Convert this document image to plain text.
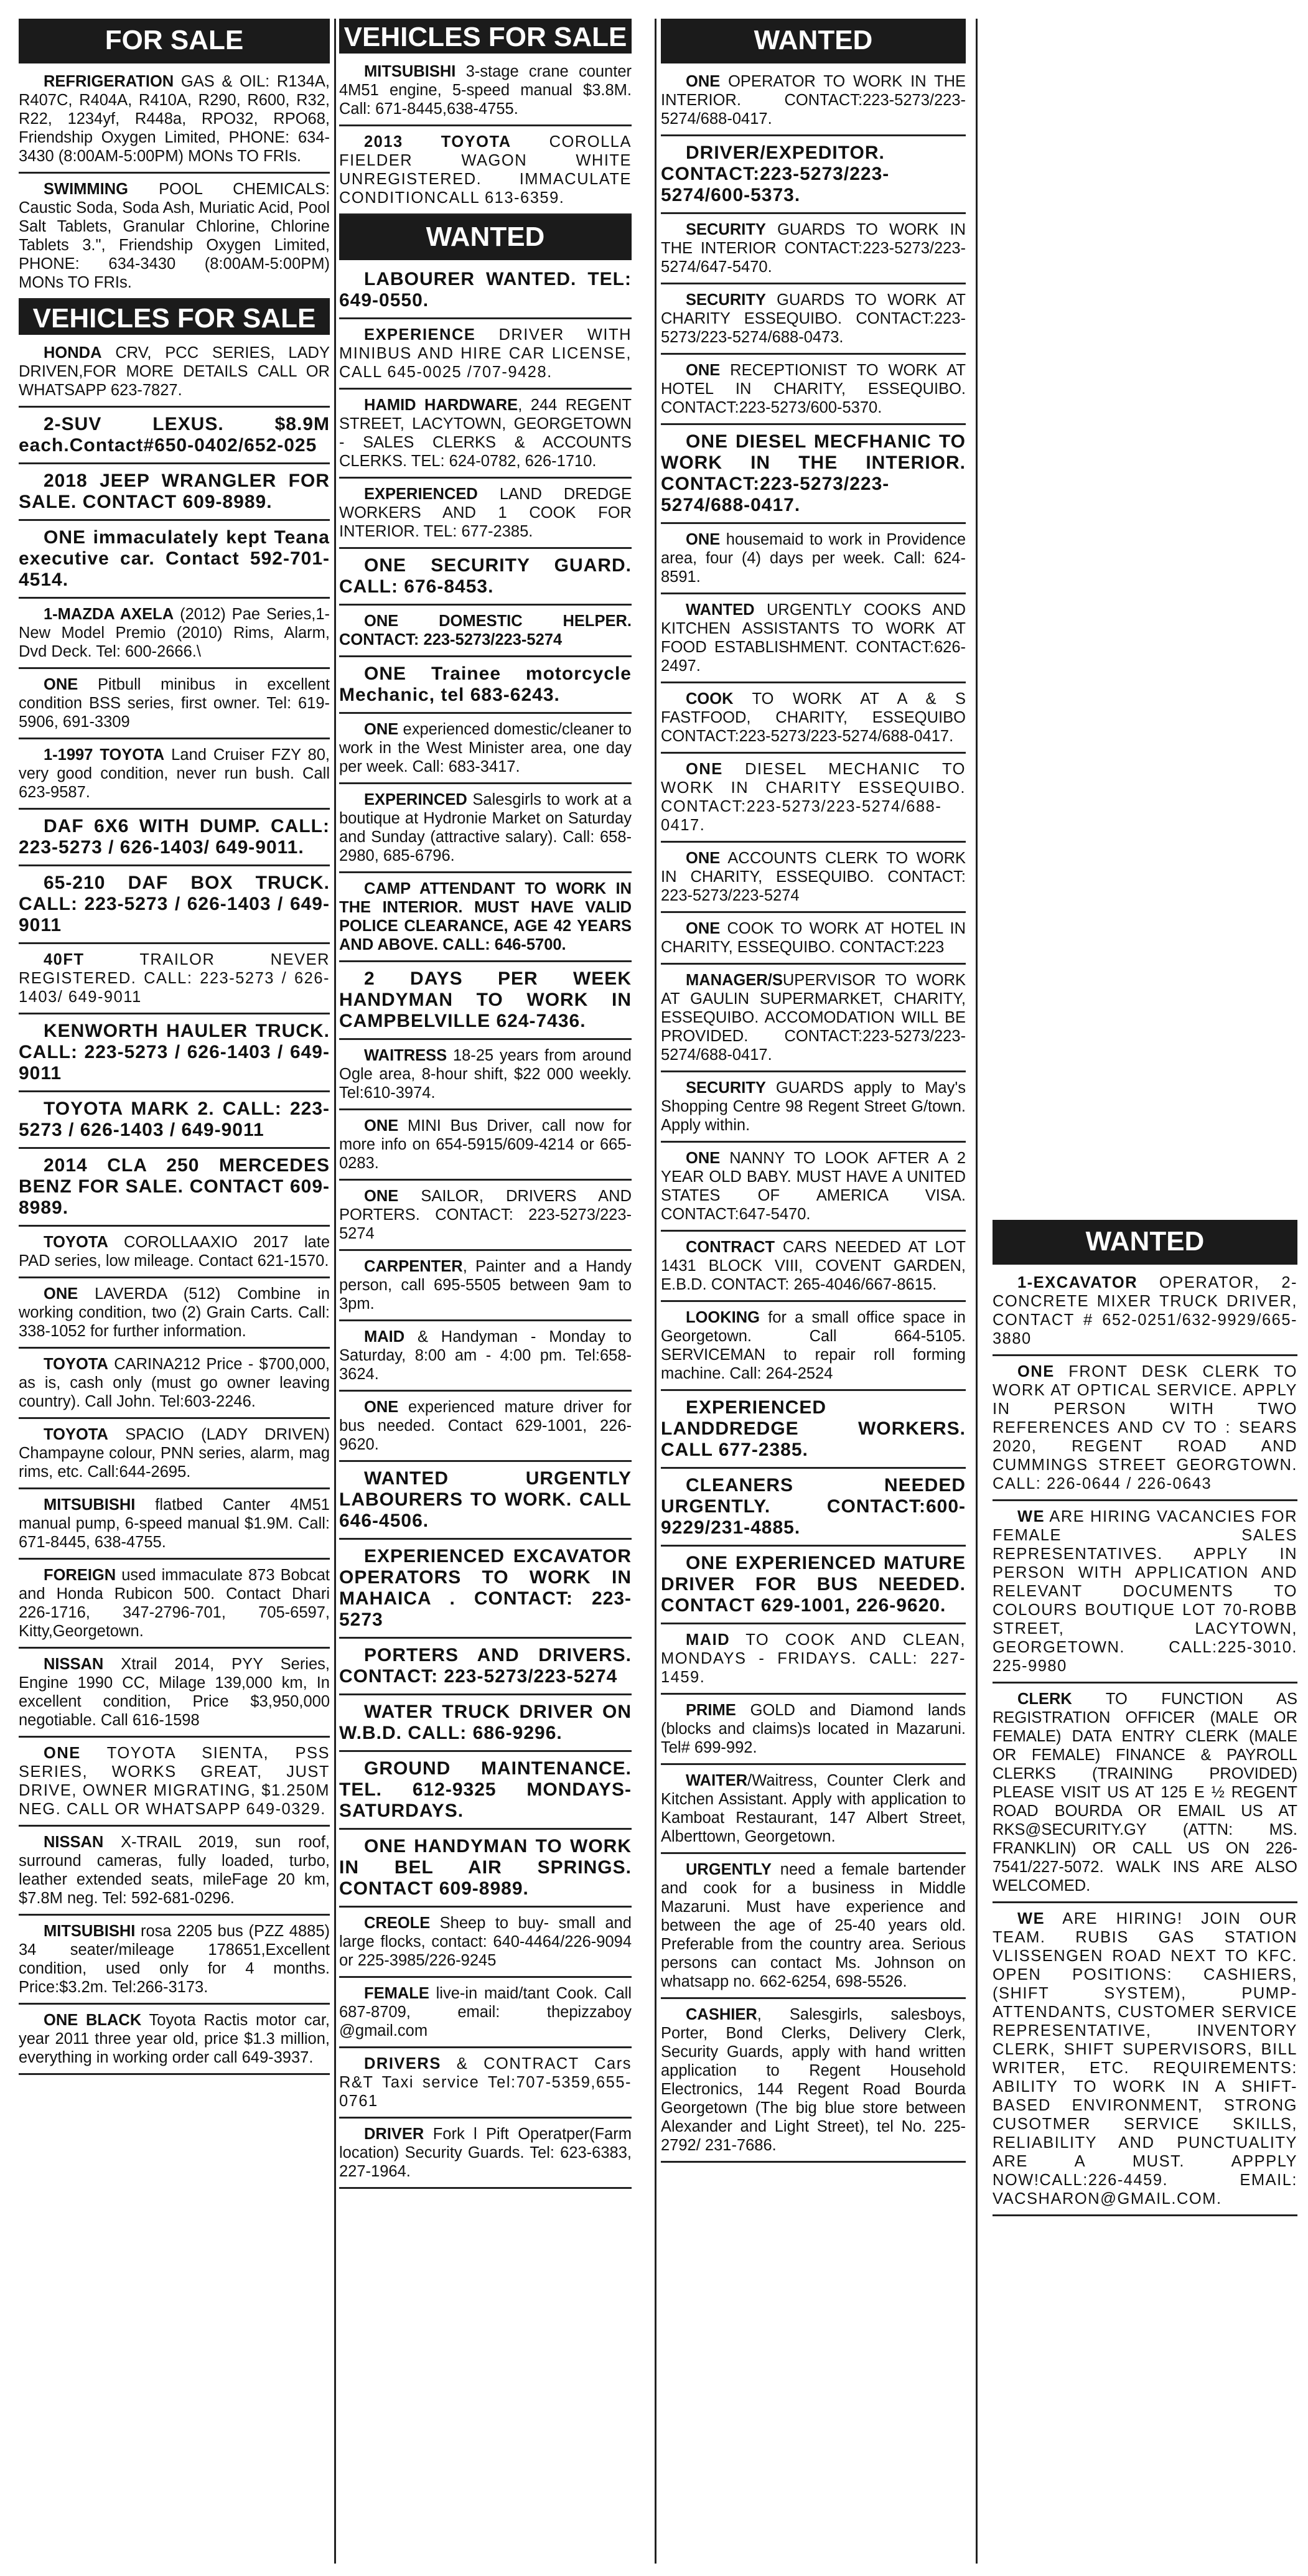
FOR SALE
REFRIGERATION GAS & OIL: R134A, R407C, R404A, R410A, R290, R600, R32, R22, 1234yf, R448a, RPO32, RPO68, Friendship Oxygen Limited, PHONE: 634-3430 (8:00AM-5:00PM) MONs TO FRIs.
SWIMMING POOL CHEMICALS: Caustic Soda, Soda Ash, Muriatic Acid, Pool Salt Tablets, Granular Chlorine, Chlorine Tablets 3.", Friendship Oxygen Limited, PHONE: 634-3430 (8:00AM-5:00PM) MONs TO FRIs.
VEHICLES FOR SALE
HONDA CRV, PCC SERIES, LADY DRIVEN,FOR MORE DETAILS CALL OR WHATSAPP 623-7827.
2-SUV LEXUS. $8.9M each.Contact#650-0402/652-025
2018 JEEP WRANGLER FOR SALE. CONTACT 609-8989.
ONE immaculately kept Teana executive car. Contact 592-701-4514.
1-MAZDA AXELA (2012) Pae Series,1- New Model Premio (2010) Rims, Alarm, Dvd Deck. Tel: 600-2666.\
ONE Pitbull minibus in excellent condition BSS series, first owner. Tel: 619-5906, 691-3309
1-1997 TOYOTA Land Cruiser FZY 80, very good condition, never run bush. Call 623-9587.
DAF 6X6 WITH DUMP. CALL: 223-5273 / 626-1403/ 649-9011.
65-210 DAF BOX TRUCK. CALL: 223-5273 / 626-1403 / 649-9011
40FT TRAILOR NEVER REGISTERED. CALL: 223-5273 / 626-1403/ 649-9011
KENWORTH HAULER TRUCK. CALL: 223-5273 / 626-1403 / 649-9011
TOYOTA MARK 2. CALL: 223-5273 / 626-1403 / 649-9011
2014 CLA 250 MERCEDES BENZ FOR SALE. CONTACT 609-8989.
TOYOTA COROLLAAXIO 2017 late PAD series, low mileage. Contact 621-1570.
ONE LAVERDA (512) Combine in working condition, two (2) Grain Carts. Call: 338-1052 for further information.
TOYOTA CARINA212 Price - $700,000, as is, cash only (must go owner leaving country). Call John. Tel:603-2246.
TOYOTA SPACIO (LADY DRIVEN) Champayne colour, PNN series, alarm, mag rims, etc. Call:644-2695.
MITSUBISHI flatbed Canter 4M51 manual pump, 6-speed manual $1.9M. Call: 671-8445, 638-4755.
FOREIGN used immaculate 873 Bobcat and Honda Rubicon 500. Contact Dhari 226-1716, 347-2796-701, 705-6597, Kitty,Georgetown.
NISSAN Xtrail 2014, PYY Series, Engine 1990 CC, Milage 139,000 km, In excellent condition, Price $3,950,000 negotiable. Call 616-1598
ONE TOYOTA SIENTA, PSS SERIES, WORKS GREAT, JUST DRIVE, OWNER MIGRATING, $1.250M NEG. CALL OR WHATSAPP 649-0329.
NISSAN X-TRAIL 2019, sun roof, surround cameras, fully loaded, turbo, leather extended seats, mileFage 20 km, $7.8M neg. Tel: 592-681-0296.
MITSUBISHI rosa 2205 bus (PZZ 4885) 34 seater/mileage 178651,Excellent condition, used only for 4 months. Price:$3.2m. Tel:266-3173.
ONE BLACK Toyota Ractis motor car, year 2011 three year old, price $1.3 million, everything in working order call 649-3937.
VEHICLES FOR SALE
MITSUBISHI 3-stage crane counter 4M51 engine, 5-speed manual $3.8M. Call: 671-8445,638-4755.
2013 TOYOTA COROLLA FIELDER WAGON WHITE UNREGISTERED. IMMACULATE CONDITIONCALL 613-6359.
WANTED
LABOURER WANTED. TEL: 649-0550.
EXPERIENCE DRIVER WITH MINIBUS AND HIRE CAR LICENSE, CALL 645-0025 /707-9428.
HAMID HARDWARE, 244 REGENT STREET, LACYTOWN, GEORGETOWN - SALES CLERKS & ACCOUNTS CLERKS. TEL: 624-0782, 626-1710.
EXPERIENCED LAND DREDGE WORKERS AND 1 COOK FOR INTERIOR. TEL: 677-2385.
ONE SECURITY GUARD. CALL: 676-8453.
ONE DOMESTIC HELPER. CONTACT: 223-5273/223-5274
ONE Trainee motorcycle Mechanic, tel 683-6243.
ONE experienced domestic/cleaner to work in the West Minister area, one day per week. Call: 683-3417.
EXPERINCED Salesgirls to work at a boutique at Hydronie Market on Saturday and Sunday (attractive salary). Call: 658-2980, 685-6796.
CAMP ATTENDANT TO WORK IN THE INTERIOR. MUST HAVE VALID POLICE CLEARANCE, AGE 42 YEARS AND ABOVE. CALL: 646-5700.
2 DAYS PER WEEK HANDYMAN TO WORK IN CAMPBELVILLE 624-7436.
WAITRESS 18-25 years from around Ogle area, 8-hour shift, $22 000 weekly. Tel:610-3974.
ONE MINI Bus Driver, call now for more info on 654-5915/609-4214 or 665-0283.
ONE SAILOR, DRIVERS AND PORTERS. CONTACT: 223-5273/223-5274
CARPENTER, Painter and a Handy person, call 695-5505 between 9am to 3pm.
MAID & Handyman - Monday to Saturday, 8:00 am - 4:00 pm. Tel:658-3624.
ONE experienced mature driver for bus needed. Contact 629-1001, 226-9620.
WANTED URGENTLY LABOURERS TO WORK. CALL 646-4506.
EXPERIENCED EXCAVATOR OPERATORS TO WORK IN MAHAICA . CONTACT: 223-5273
PORTERS AND DRIVERS. CONTACT: 223-5273/223-5274
WATER TRUCK DRIVER ON W.B.D. CALL: 686-9296.
GROUND MAINTENANCE. TEL. 612-9325 MONDAYS-SATURDAYS.
ONE HANDYMAN TO WORK IN BEL AIR SPRINGS. CONTACT 609-8989.
CREOLE Sheep to buy- small and large flocks, contact: 640-4464/226-9094 or 225-3985/226-9245
FEMALE live-in maid/tant Cook. Call 687-8709, email: thepizzaboy @gmail.com
DRIVERS & CONTRACT Cars R&T Taxi service Tel:707-5359,655-0761
DRIVER Fork l Pift Operatper(Farm location) Security Guards. Tel: 623-6383, 227-1964.
WANTED
ONE OPERATOR TO WORK IN THE INTERIOR. CONTACT:223-5273/223-5274/688-0417.
DRIVER/EXPEDITOR. CONTACT:223-5273/223-5274/600-5373.
SECURITY GUARDS TO WORK IN THE INTERIOR CONTACT:223-5273/223-5274/647-5470.
SECURITY GUARDS TO WORK AT CHARITY ESSEQUIBO. CONTACT:223-5273/223-5274/688-0473.
ONE RECEPTIONIST TO WORK AT HOTEL IN CHARITY, ESSEQUIBO. CONTACT:223-5273/600-5370.
ONE DIESEL MECFHANIC TO WORK IN THE INTERIOR. CONTACT:223-5273/223-5274/688-0417.
ONE housemaid to work in Providence area, four (4) days per week. Call: 624-8591.
WANTED URGENTLY COOKS AND KITCHEN ASSISTANTS TO WORK AT FOOD ESTABLISHMENT. CONTACT:626-2497.
COOK TO WORK AT A & S FASTFOOD, CHARITY, ESSEQUIBO CONTACT:223-5273/223-5274/688-0417.
ONE DIESEL MECHANIC TO WORK IN CHARITY ESSEQUIBO. CONTACT:223-5273/223-5274/688-0417.
ONE ACCOUNTS CLERK TO WORK IN CHARITY, ESSEQUIBO. CONTACT: 223-5273/223-5274
ONE COOK TO WORK AT HOTEL IN CHARITY, ESSEQUIBO. CONTACT:223
MANAGER/SUPERVISOR TO WORK AT GAULIN SUPERMARKET, CHARITY, ESSEQUIBO. ACCOMODATION WILL BE PROVIDED. CONTACT:223-5273/223-5274/688-0417.
SECURITY GUARDS apply to May's Shopping Centre 98 Regent Street G/town. Apply within.
ONE NANNY TO LOOK AFTER A 2 YEAR OLD BABY. MUST HAVE A UNITED STATES OF AMERICA VISA. CONTACT:647-5470.
CONTRACT CARS NEEDED AT LOT 1431 BLOCK VIII, COVENT GARDEN, E.B.D. CONTACT: 265-4046/667-8615.
LOOKING for a small office space in Georgetown. Call 664-5105. SERVICEMAN to repair roll forming machine. Call: 264-2524
EXPERIENCED LANDDREDGE WORKERS. CALL 677-2385.
CLEANERS NEEDED URGENTLY. CONTACT:600-9229/231-4885.
ONE EXPERIENCED MATURE DRIVER FOR BUS NEEDED. CONTACT 629-1001, 226-9620.
MAID TO COOK AND CLEAN, MONDAYS - FRIDAYS. CALL: 227-1459.
PRIME GOLD and Diamond lands (blocks and claims)s located in Mazaruni. Tel# 699-992.
WAITER/Waitress, Counter Clerk and Kitchen Assistant. Apply with application to Kamboat Restaurant, 147 Albert Street, Alberttown, Georgetown.
URGENTLY need a female bartender and cook for a business in Middle Mazaruni. Must have experience and between the age of 25-40 years old. Preferable from the country area. Serious persons can contact Ms. Johnson on whatsapp no. 662-6254, 698-5526.
CASHIER, Salesgirls, salesboys, Porter, Bond Clerks, Delivery Clerk, Security Guards, apply with hand written application to Regent Household Electronics, 144 Regent Road Bourda Georgetown (The big blue store between Alexander and Light Street), tel No. 225-2792/ 231-7686.
WANTED
1-EXCAVATOR OPERATOR, 2- CONCRETE MIXER TRUCK DRIVER, CONTACT # 652-0251/632-9929/665-3880
ONE FRONT DESK CLERK TO WORK AT OPTICAL SERVICE. APPLY IN PERSON WITH TWO REFERENCES AND CV TO : SEARS 2020, REGENT ROAD AND CUMMINGS STREET GEORGTOWN. CALL: 226-0644 / 226-0643
WE ARE HIRING VACANCIES FOR FEMALE SALES REPRESENTATIVES. APPLY IN PERSON WITH APPLICATION AND RELEVANT DOCUMENTS TO COLOURS BOUTIQUE LOT 70-ROBB STREET, LACYTOWN, GEORGETOWN. CALL:225-3010. 225-9980
CLERK TO FUNCTION AS REGISTRATION OFFICER (MALE OR FEMALE) DATA ENTRY CLERK (MALE OR FEMALE) FINANCE & PAYROLL CLERKS (TRAINING PROVIDED) PLEASE VISIT US AT 125 E ½ REGENT ROAD BOURDA OR EMAIL US AT RKS@SECURITY.GY (ATTN: MS. FRANKLIN) OR CALL US ON 226-7541/227-5072. WALK INS ARE ALSO WELCOMED.
WE ARE HIRING! JOIN OUR TEAM. RUBIS GAS STATION VLISSENGEN ROAD NEXT TO KFC. OPEN POSITIONS: CASHIERS, (SHIFT SYSTEM), PUMP-ATTENDANTS, CUSTOMER SERVICE REPRESENTATIVE, INVENTORY CLERK, SHIFT SUPERVISORS, BILL WRITER, ETC. REQUIREMENTS: ABILITY TO WORK IN A SHIFT-BASED ENVIRONMENT, STRONG CUSOTMER SERVICE SKILLS, RELIABILITY AND PUNCTUALITY ARE A MUST. APPPLY NOW!CALL:226-4459. EMAIL: VACSHARON@GMAIL.COM.
